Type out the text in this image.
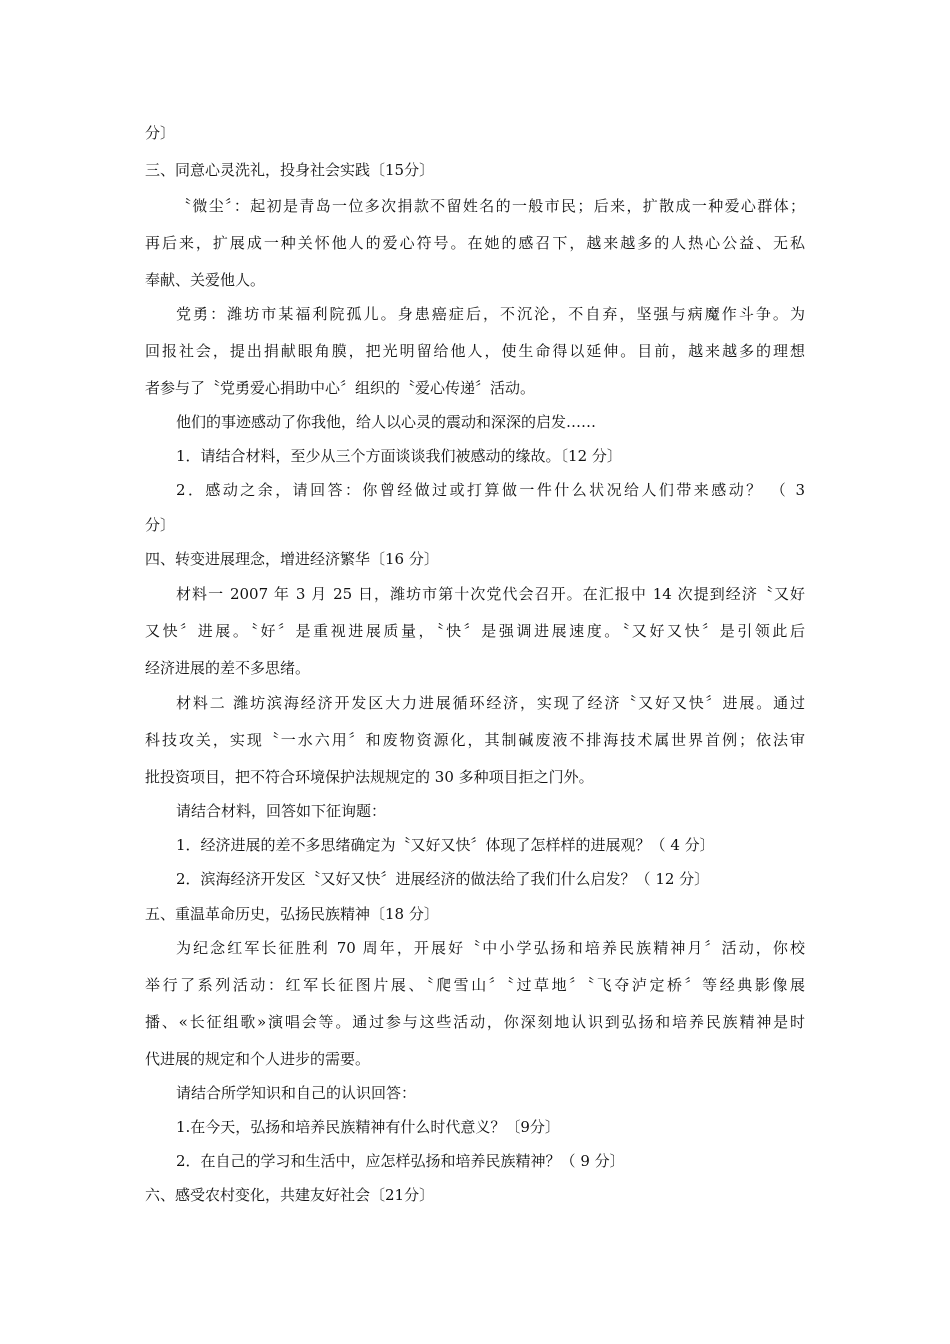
分〕
三、同意心灵洗礼，投身社会实践〔15分〕
〝微尘〞：起初是青岛一位多次捐款不留姓名的一般市民；后来，扩散成一种爱心群体；
再后来，扩展成一种关怀他人的爱心符号。在她的感召下，越来越多的人热心公益、无私
奉献、关爱他人。
党勇：潍坊市某福利院孤儿。身患癌症后，不沉沦，不自弃，坚强与病魔作斗争。为
回报社会，提出捐献眼角膜，把光明留给他人，使生命得以延伸。目前，越来越多的理想
者参与了〝党勇爱心捐助中心〞组织的〝爱心传递〞活动。
他们的事迹感动了你我他，给人以心灵的震动和深深的启发……
1．请结合材料，至少从三个方面谈谈我们被感动的缘故。〔12 分〕
2．感动之余，请回答：你曾经做过或打算做一件什么状况给人们带来感动？ （ 3
分〕
四、转变进展理念，增进经济繁华〔16 分〕
材料一 2007 年 3 月 25 日，潍坊市第十次党代会召开。在汇报中 14 次提到经济〝又好
又快〞进展。〝好〞是重视进展质量，〝快〞是强调进展速度。〝又好又快〞是引领此后
经济进展的差不多思绪。
材料二 潍坊滨海经济开发区大力进展循环经济，实现了经济〝又好又快〞进展。通过
科技攻关，实现〝一水六用〞和废物资源化，其制碱废液不排海技术属世界首例；依法审
批投资项目，把不符合环境保护法规规定的 30 多种项目拒之门外。
请结合材料，回答如下征询题：
1．经济进展的差不多思绪确定为〝又好又快〞体现了怎样样的进展观？（ 4 分〕
2．滨海经济开发区〝又好又快〞进展经济的做法给了我们什么启发？（ 12 分〕
五、重温革命历史，弘扬民族精神〔18 分〕
为纪念红军长征胜利 70 周年，开展好〝中小学弘扬和培养民族精神月〞活动，你校
举行了系列活动：红军长征图片展、〝爬雪山〞〝过草地〞〝飞夺泸定桥〞等经典影像展
播、«长征组歌»演唱会等。通过参与这些活动，你深刻地认识到弘扬和培养民族精神是时
代进展的规定和个人进步的需要。
请结合所学知识和自己的认识回答：
1.在今天，弘扬和培养民族精神有什么时代意义？〔9分〕
2．在自己的学习和生活中，应怎样弘扬和培养民族精神？（ 9 分〕
六、感受农村变化，共建友好社会〔21分〕
